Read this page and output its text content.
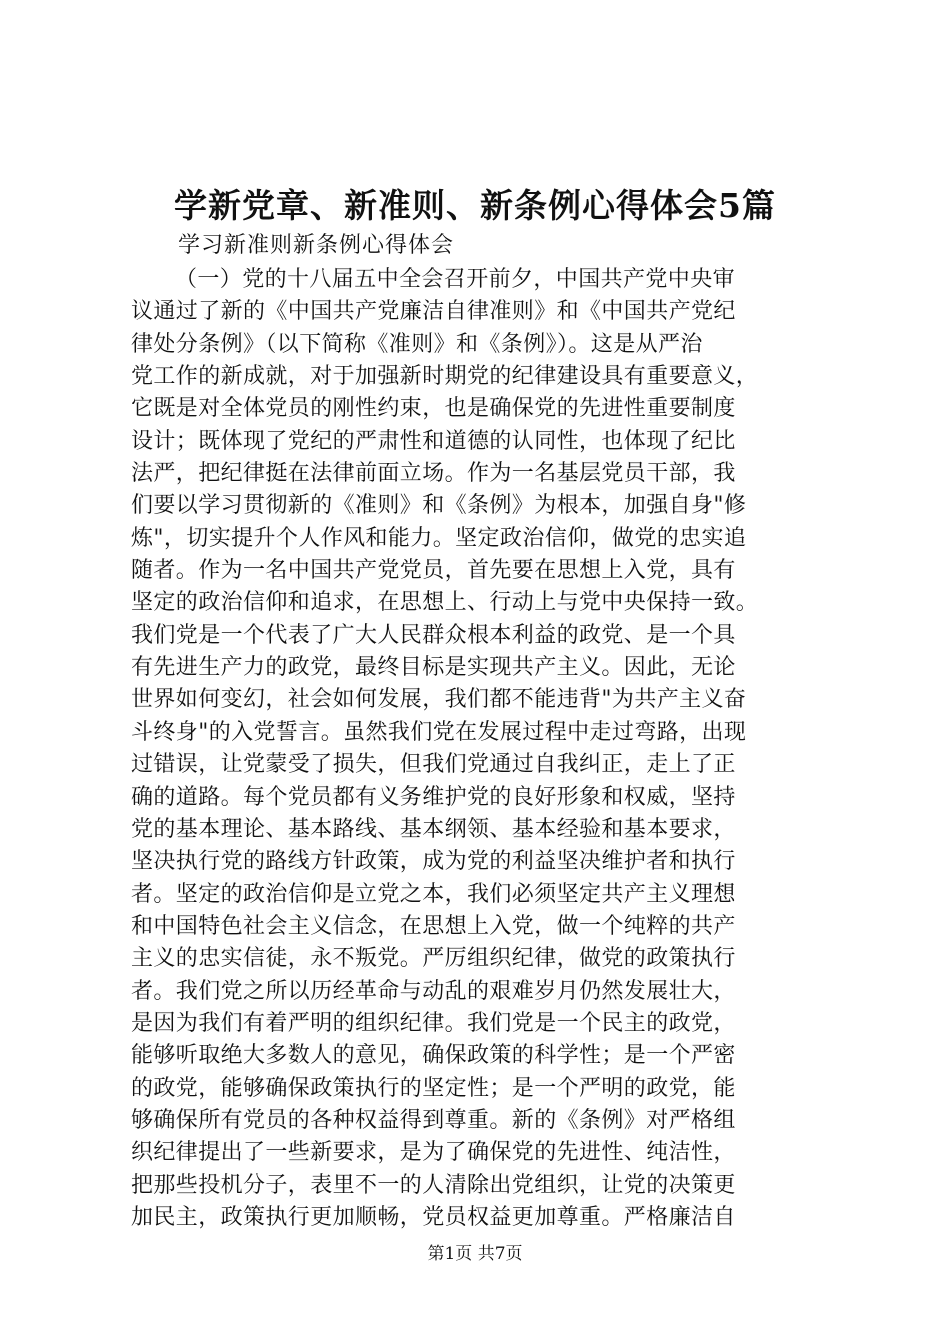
学新党章、新准则、新条例心得体会5篇
学习新准则新条例心得体会
（一）党的十八届五中全会召开前夕，中国共产党中央审
议通过了新的《中国共产党廉洁自律准则》和《中国共产党纪
律处分条例》（以下简称《准则》和《条例》）。这是从严治
党工作的新成就，对于加强新时期党的纪律建设具有重要意义，
它既是对全体党员的刚性约束，也是确保党的先进性重要制度
设计；既体现了党纪的严肃性和道德的认同性，也体现了纪比
法严，把纪律挺在法律前面立场。作为一名基层党员干部，我
们要以学习贯彻新的《准则》和《条例》为根本，加强自身"修
炼"，切实提升个人作风和能力。坚定政治信仰，做党的忠实追
随者。作为一名中国共产党党员，首先要在思想上入党，具有
坚定的政治信仰和追求，在思想上、行动上与党中央保持一致。
我们党是一个代表了广大人民群众根本利益的政党、是一个具
有先进生产力的政党，最终目标是实现共产主义。因此，无论
世界如何变幻，社会如何发展，我们都不能违背"为共产主义奋
斗终身"的入党誓言。虽然我们党在发展过程中走过弯路，出现
过错误，让党蒙受了损失，但我们党通过自我纠正，走上了正
确的道路。每个党员都有义务维护党的良好形象和权威，坚持
党的基本理论、基本路线、基本纲领、基本经验和基本要求，
坚决执行党的路线方针政策，成为党的利益坚决维护者和执行
者。坚定的政治信仰是立党之本，我们必须坚定共产主义理想
和中国特色社会主义信念，在思想上入党，做一个纯粹的共产
主义的忠实信徒，永不叛党。严厉组织纪律，做党的政策执行
者。我们党之所以历经革命与动乱的艰难岁月仍然发展壮大，
是因为我们有着严明的组织纪律。我们党是一个民主的政党，
能够听取绝大多数人的意见，确保政策的科学性；是一个严密
的政党，能够确保政策执行的坚定性；是一个严明的政党，能
够确保所有党员的各种权益得到尊重。新的《条例》对严格组
织纪律提出了一些新要求，是为了确保党的先进性、纯洁性，
把那些投机分子，表里不一的人清除出党组织，让党的决策更
加民主，政策执行更加顺畅，党员权益更加尊重。严格廉洁自
第1页 共7页
